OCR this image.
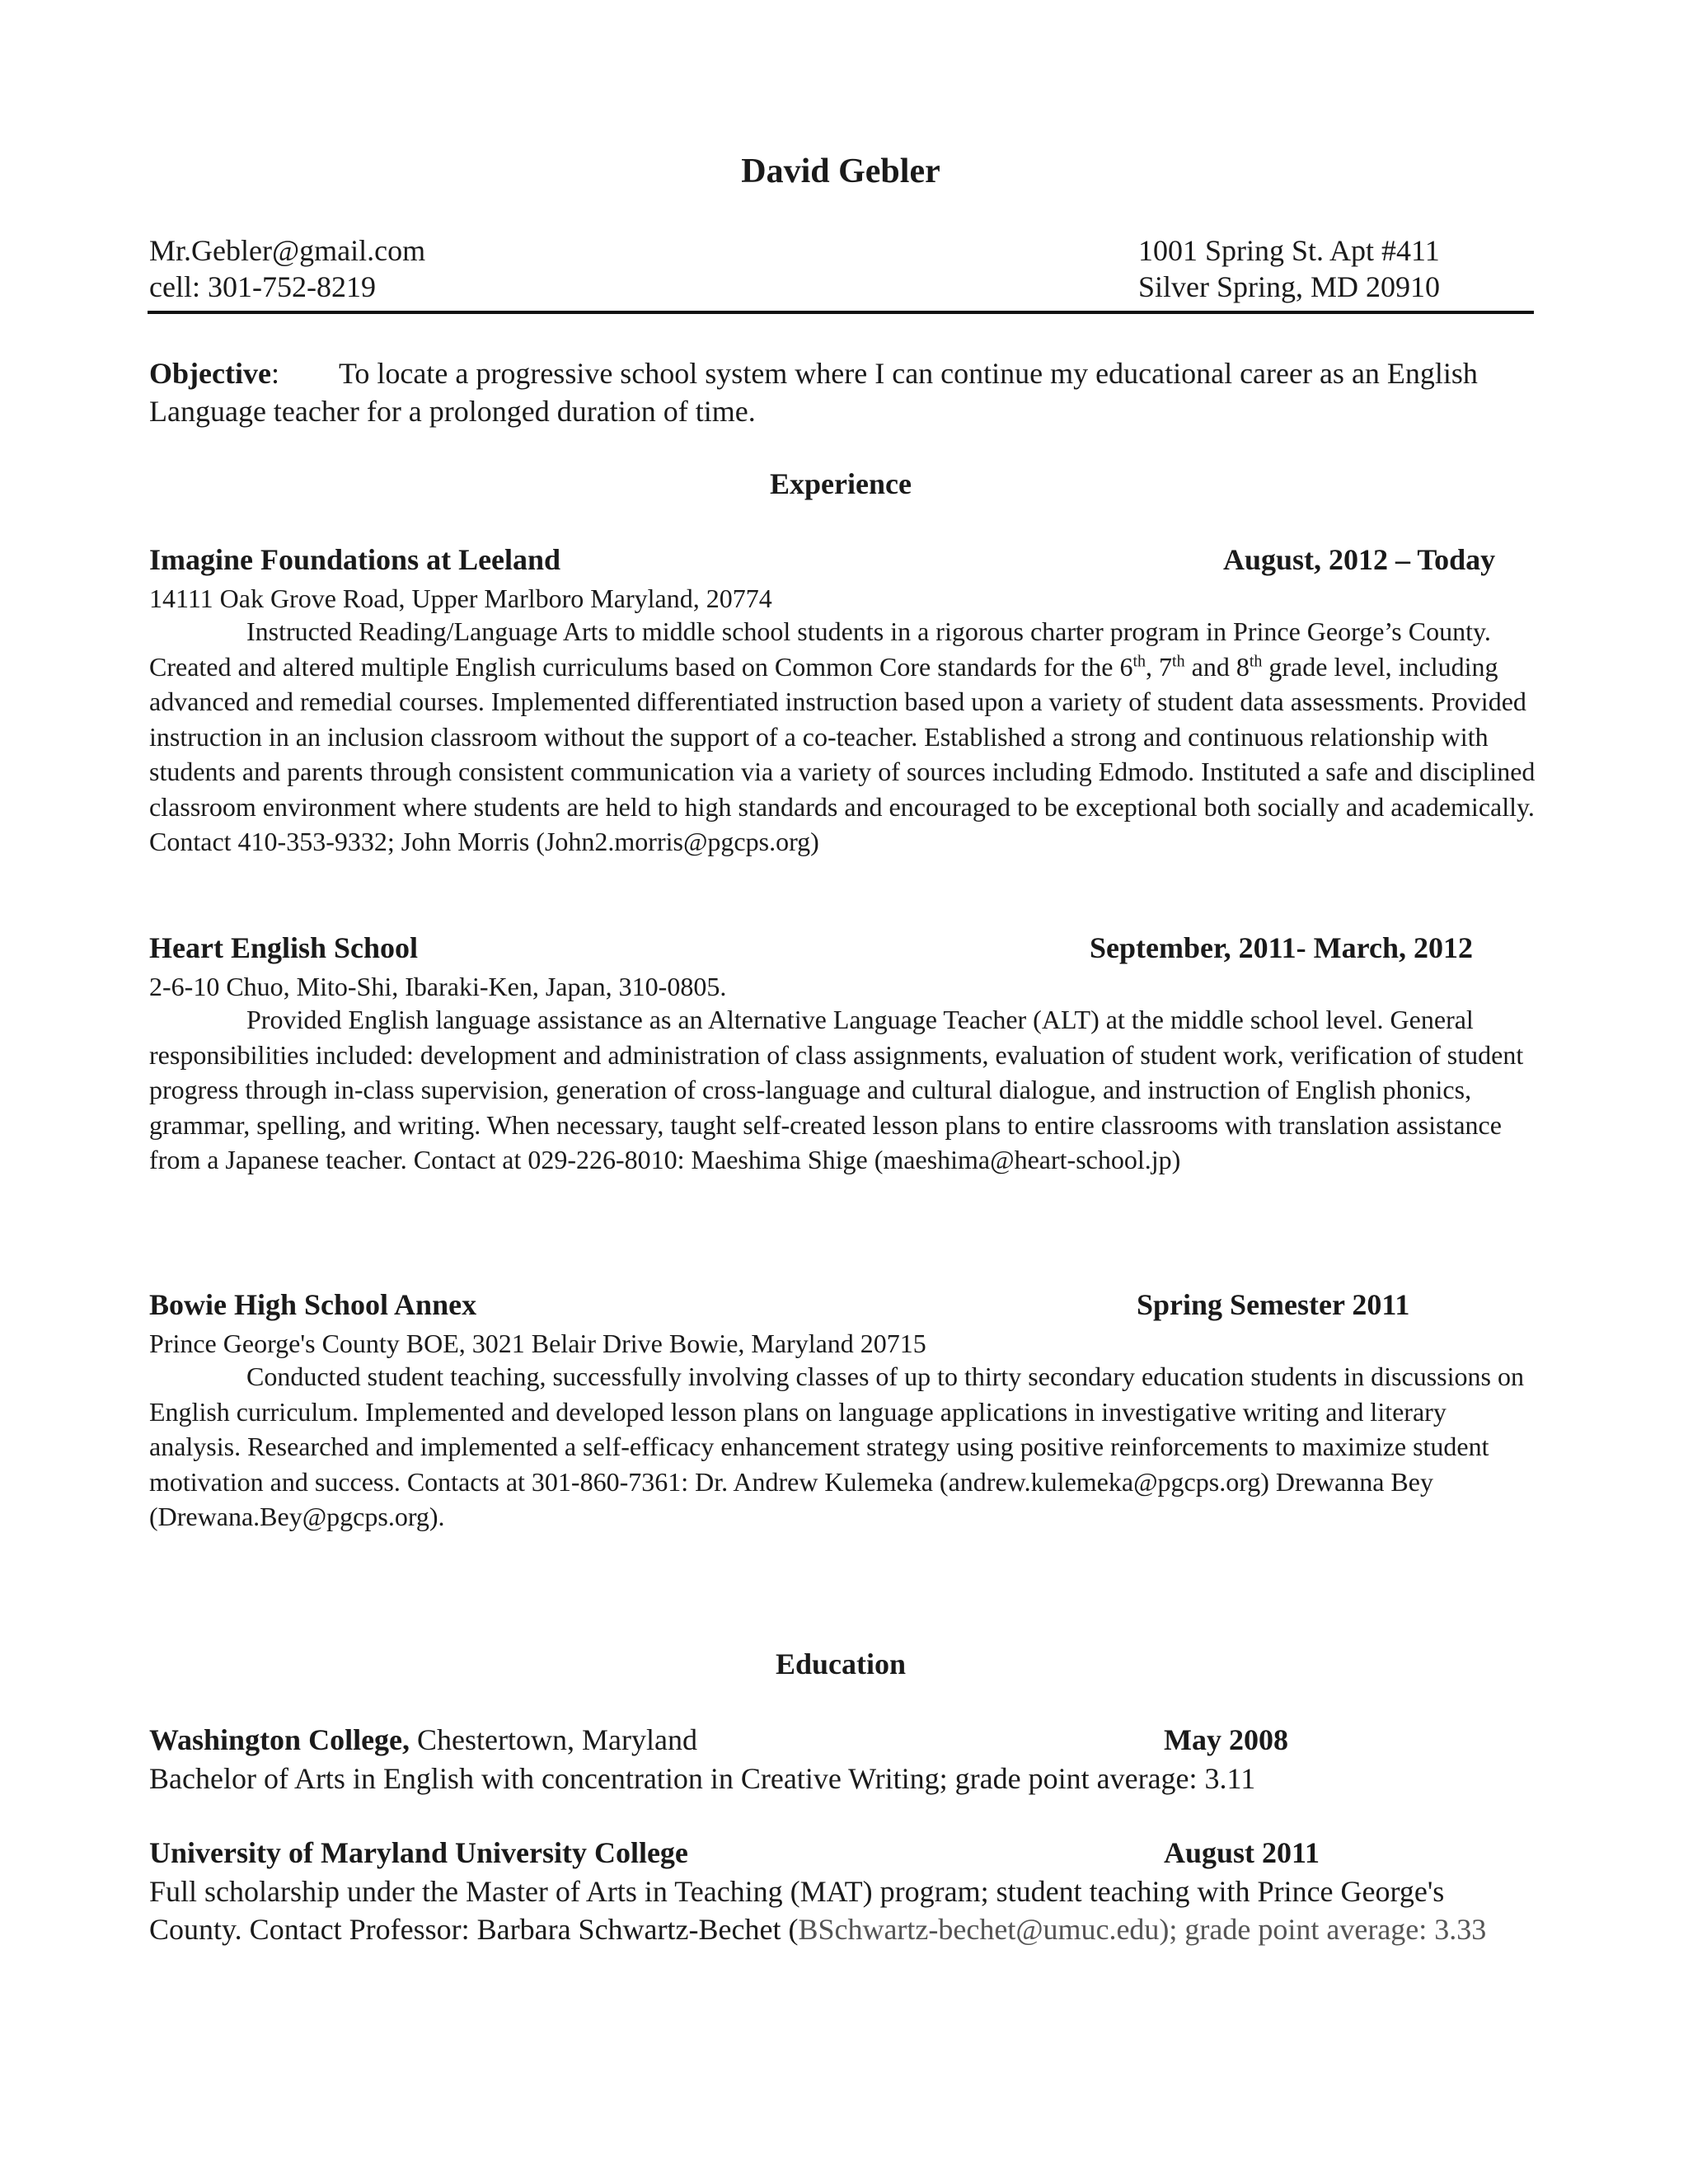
David Gebler
Mr.Gebler@gmail.com
cell: 301-752-8219
1001 Spring St. Apt #411
Silver Spring, MD 20910
Objective: To locate a progressive school system where I can continue my educational career as an English Language teacher for a prolonged duration of time.
Experience
Imagine Foundations at Leeland	August, 2012 – Today
14111 Oak Grove Road, Upper Marlboro Maryland, 20774
Instructed Reading/Language Arts to middle school students in a rigorous charter program in Prince George’s County. Created and altered multiple English curriculums based on Common Core standards for the 6th, 7th and 8th grade level, including advanced and remedial courses. Implemented differentiated instruction based upon a variety of student data assessments. Provided instruction in an inclusion classroom without the support of a co-teacher. Established a strong and continuous relationship with students and parents through consistent communication via a variety of sources including Edmodo. Instituted a safe and disciplined classroom environment where students are held to high standards and encouraged to be exceptional both socially and academically. Contact 410-353-9332; John Morris (John2.morris@pgcps.org)
Heart English School	September, 2011- March, 2012
2-6-10 Chuo, Mito-Shi, Ibaraki-Ken, Japan, 310-0805.
Provided English language assistance as an Alternative Language Teacher (ALT) at the middle school level. General responsibilities included: development and administration of class assignments, evaluation of student work, verification of student progress through in-class supervision, generation of cross-language and cultural dialogue, and instruction of English phonics, grammar, spelling, and writing. When necessary, taught self-created lesson plans to entire classrooms with translation assistance from a Japanese teacher. Contact at 029-226-8010: Maeshima Shige (maeshima@heart-school.jp)
Bowie High School Annex	Spring Semester 2011
Prince George's County BOE, 3021 Belair Drive Bowie, Maryland 20715
Conducted student teaching, successfully involving classes of up to thirty secondary education students in discussions on English curriculum. Implemented and developed lesson plans on language applications in investigative writing and literary analysis. Researched and implemented a self-efficacy enhancement strategy using positive reinforcements to maximize student motivation and success. Contacts at 301-860-7361: Dr. Andrew Kulemeka (andrew.kulemeka@pgcps.org) Drewanna Bey (Drewana.Bey@pgcps.org).
Education
Washington College, Chestertown, Maryland	May 2008
Bachelor of Arts in English with concentration in Creative Writing; grade point average: 3.11
University of Maryland University College	August 2011
Full scholarship under the Master of Arts in Teaching (MAT) program; student teaching with Prince George's County. Contact Professor: Barbara Schwartz-Bechet (BSchwartz-bechet@umuc.edu); grade point average: 3.33
